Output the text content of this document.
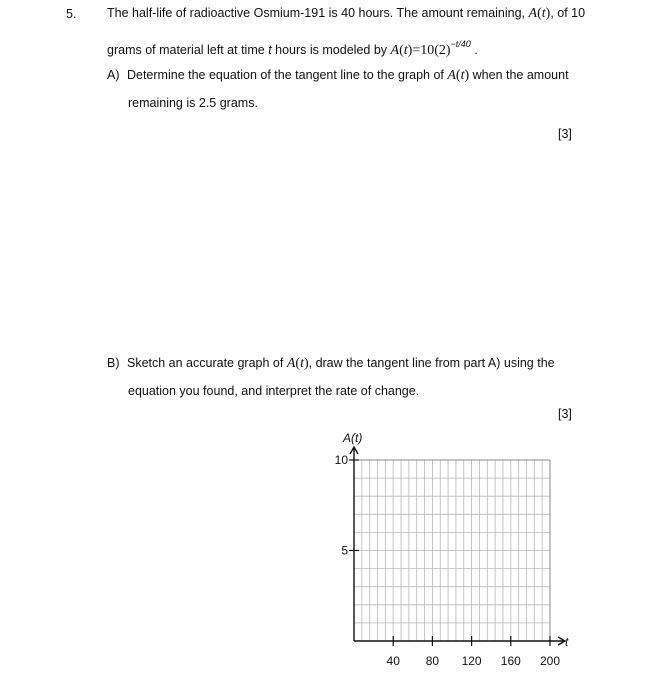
5. The half-life of radioactive Osmium-191 is 40 hours. The amount remaining, A(t), of 10
grams of material left at time t hours is modeled by $A(t)=10(2)^{-t/40}$ .
A) Determine the equation of the tangent line to the graph of A(t) when the amount
remaining is 2.5 grams.
[3]
B) Sketch an accurate graph of A(t), draw the tangent line from part A) using the
equation you found, and interpret the rate of change.
[3]
A(t)
t
10
5
40 80 120 160 200
